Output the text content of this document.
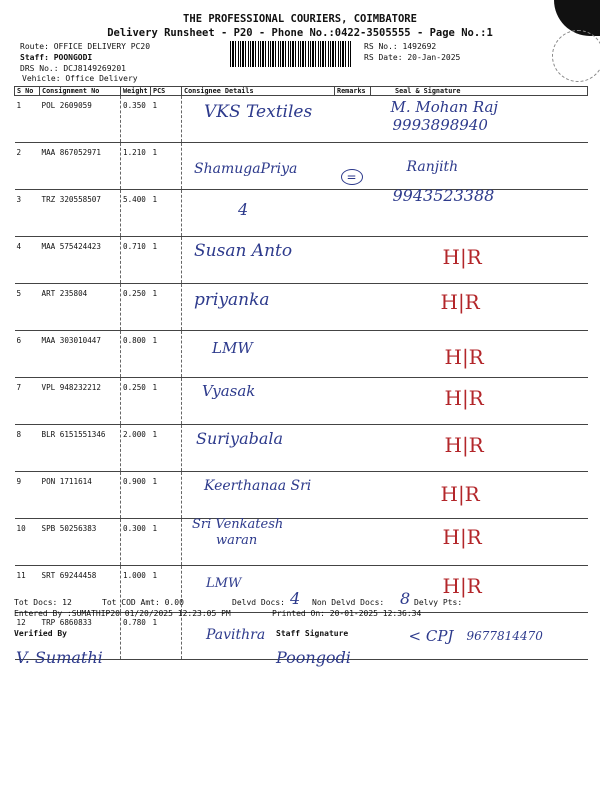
THE PROFESSIONAL COURIERS, COIMBATORE
Delivery Runsheet - P20 - Phone No.:0422-3505555 - Page No.:1
Route: OFFICE DELIVERY PC20
Staff: POONGODI
DRS No.: DCJ8149269201
Vehicle: Office Delivery
RS No.: 1492692
RS Date: 20-Jan-2025
S No	Consignment No	Weight	PCS	Consignee Details	Remarks	Seal & Signature
1	POL 2609059	0.350	1	VKS Textiles		M. Mohan Raj
9993898940

2	MAA 867052971	1.210	1	ShamugaPriya	=	Ranjith

3	TRZ 320558507	5.400	1	4		9943523388

4	MAA 575424423	0.710	1	Susan Anto		H|R

5	ART 235804	0.250	1	priyanka		H|R

6	MAA 303010447	0.800	1	LMW		H|R

7	VPL 948232212	0.250	1	Vyasak		H|R

8	BLR 6151551346	2.000	1	Suriyabala		H|R

9	PON 1711614	0.900	1	Keerthanaa Sri		H|R

10	SPB 50256383	0.300	1	Sri Venkatesh
waran		H|R

11	SRT 69244458	1.000	1	LMW		H|R

12	TRP 6860833	0.780	1	Pavithra		< CPJ 9677814470
Tot Docs: 12	Tot COD Amt: 0.00	Delvd Docs: 4 Non Delvd Docs: 8 Delvy Pts:
Entered By :SUMATHIP20 01/20/2025 12:23:05 PM	Printed On: 20-01-2025 12:36:34
Verified By	Staff Signature
V. Sumathi	Poongodi
